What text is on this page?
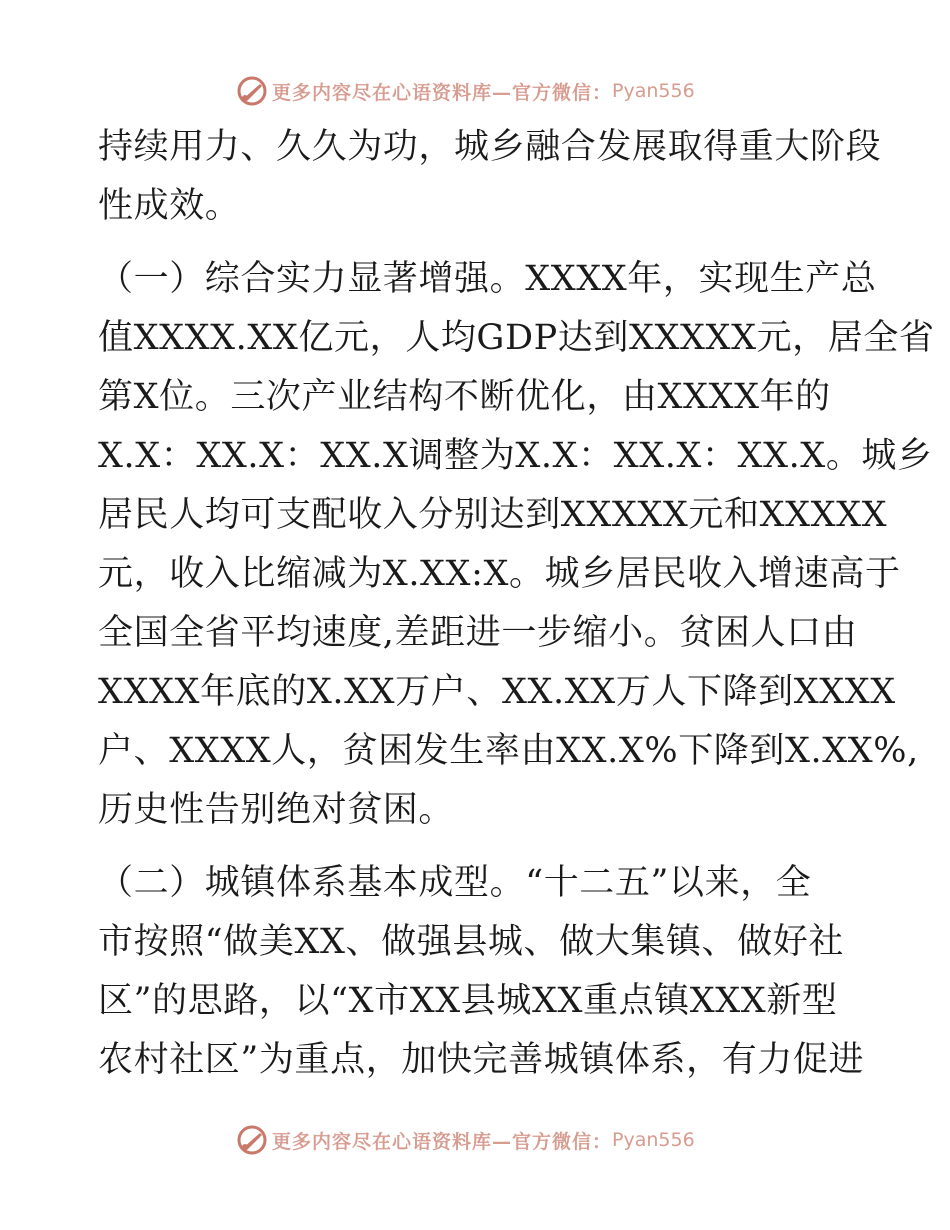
更多内容尽在心语资料库—官方微信： Pyan556
持续用力、久久为功，城乡融合发展取得重大阶段
性成效。
（一）综合实力显著增强。XXXX年，实现生产总
值XXXX.XX亿元，人均GDP达到XXXXX元，居全省
第X位。三次产业结构不断优化，由XXXX年的
X.X：XX.X：XX.X调整为X.X：XX.X：XX.X。城乡
居民人均可支配收入分别达到XXXXX元和XXXXX
元，收入比缩减为X.XX:X。城乡居民收入增速高于
全国全省平均速度,差距进一步缩小。贫困人口由
XXXX年底的X.XX万户、XX.XX万人下降到XXXX
户、XXXX人，贫困发生率由XX.X%下降到X.XX%,
历史性告别绝对贫困。
（二）城镇体系基本成型。“十二五”以来，全
市按照“做美XX、做强县城、做大集镇、做好社
区”的思路，以“X市XX县城XX重点镇XXX新型
农村社区”为重点，加快完善城镇体系，有力促进
更多内容尽在心语资料库—官方微信： Pyan556
